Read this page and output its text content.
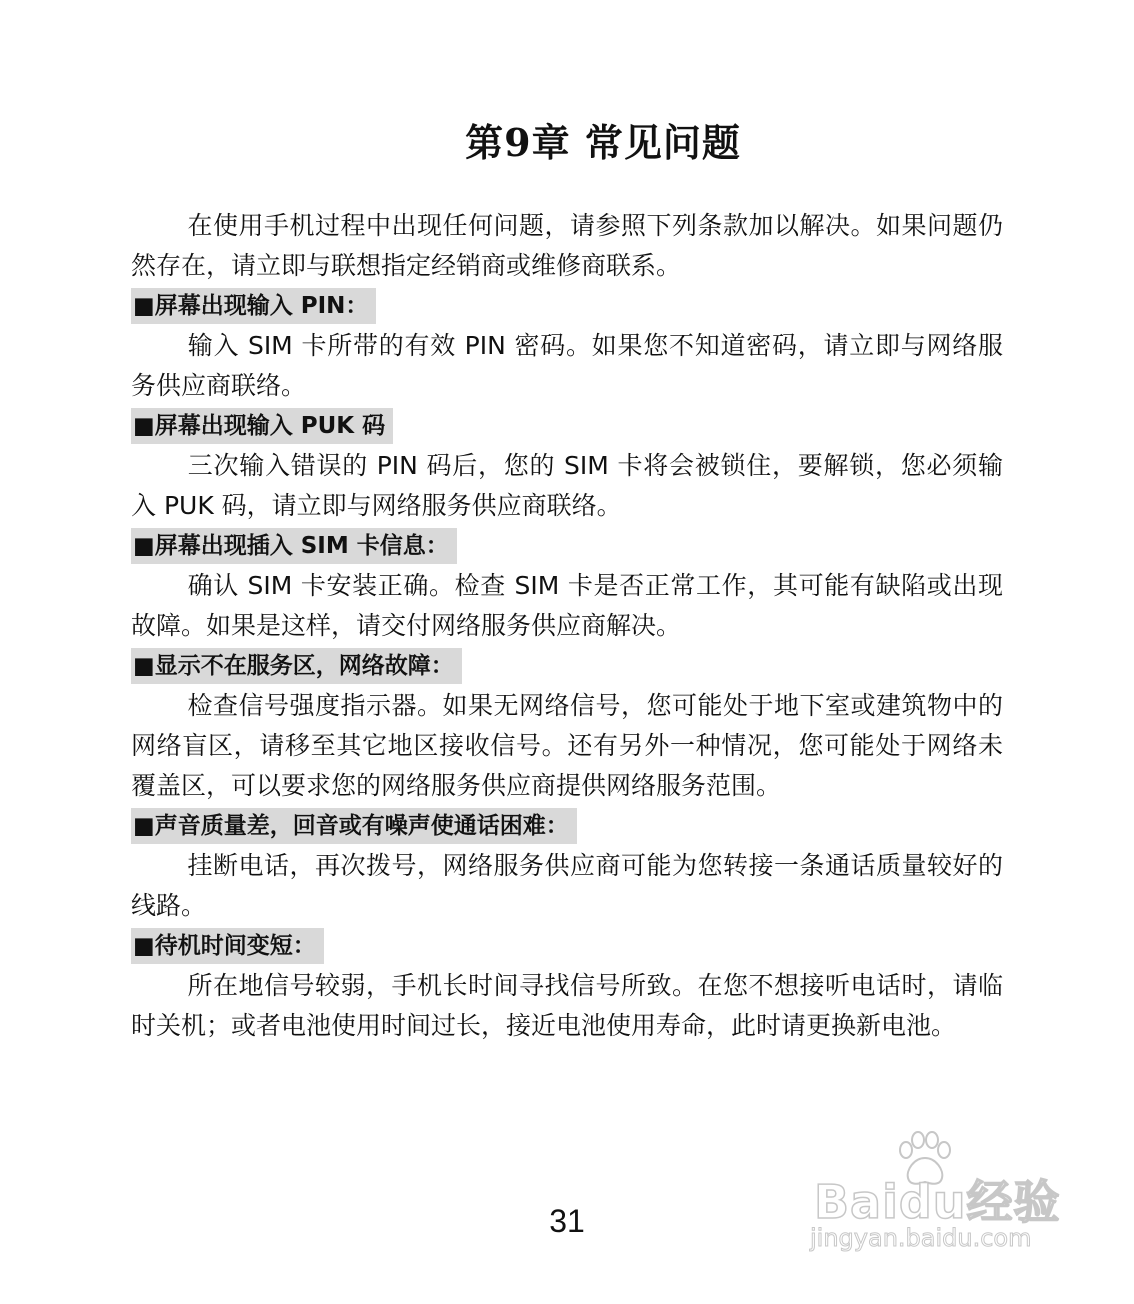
第9章 常见问题

在使用手机过程中出现任何问题，请参照下列条款加以解决。如果问题仍然存在，请立即与联想指定经销商或维修商联系。

■屏幕出现输入 PIN：

输入 SIM 卡所带的有效 PIN 密码。如果您不知道密码，请立即与网络服务供应商联络。

■屏幕出现输入 PUK 码

三次输入错误的 PIN 码后，您的 SIM 卡将会被锁住，要解锁，您必须输入 PUK 码，请立即与网络服务供应商联络。

■屏幕出现插入 SIM 卡信息：

确认 SIM 卡安装正确。检查 SIM 卡是否正常工作，其可能有缺陷或出现故障。如果是这样，请交付网络服务供应商解决。

■显示不在服务区，网络故障：

检查信号强度指示器。如果无网络信号，您可能处于地下室或建筑物中的网络盲区，请移至其它地区接收信号。还有另外一种情况，您可能处于网络未覆盖区，可以要求您的网络服务供应商提供网络服务范围。

■声音质量差，回音或有噪声使通话困难：

挂断电话，再次拨号，网络服务供应商可能为您转接一条通话质量较好的线路。

■待机时间变短：

所在地信号较弱，手机长时间寻找信号所致。在您不想接听电话时，请临时关机；或者电池使用时间过长，接近电池使用寿命，此时请更换新电池。

31	Baidu经验
jingyan.baidu.com
